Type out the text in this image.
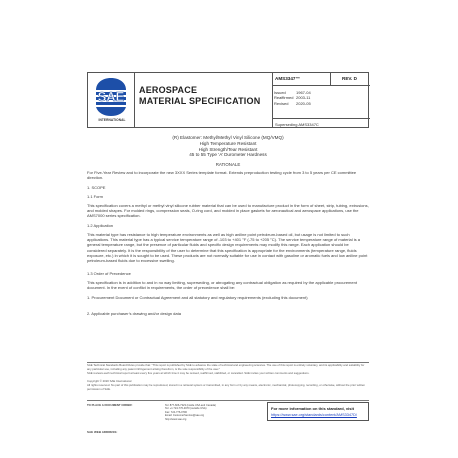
SAE
INTERNATIONAL
AEROSPACE
MATERIAL SPECIFICATION
AMS3347™	REV. D
Issued	1967-04
Reaffirmed 2003-11
Revised	2020-05
Superseding AMS3347C
(R) Elastomer: Methyl/Methyl Vinyl Silicone (MQ/VMQ)
High Temperature Resistant
High Strength/Tear Resistant
45 to 55 Type ‘A’ Durometer Hardness
RATIONALE
For Five-Year Review and to incorporate the new 3XXX Series template format. Extends preproduction testing cycle from 3 to 5 years per CE committee direction.
1. SCOPE
1.1 Form
This specification covers a methyl or methyl vinyl silicone rubber material that can be used to manufacture product in the form of sheet, strip, tubing, extrusions, and molded shapes. For molded rings, compression seals, O-ring cord, and molded in place gaskets for aeronautical and aerospace applications, use the AMS7000 series specification.
1.2 Application
This material type has resistance to high temperature environments as well as high aniline point petroleum-based oil, but usage is not limited to such applications. This material type has a typical service temperature range of -103 to +401 °F (-75 to +205 °C). The service temperature range of material is a general temperature range, but the presence of particular fluids and specific design requirements may modify this range. Each application should be considered separately. It is the responsibility of the user to determine that this specification is appropriate for the environments (temperature range, fluids exposure, etc.) in which it is sought to be used. These products are not normally suitable for use in contact with gasoline or aromatic fuels and low aniline point petroleum-based fluids due to excessive swelling.
1.3 Order of Precedence
This specification is in addition to and in no way limiting, superseding, or abrogating any contractual obligation as required by the applicable procurement document. In the event of conflict in requirements, the order of precedence shall be:
1. Procurement Document or Contractual Agreement and all statutory and regulatory requirements (excluding this document)
2. Applicable purchaser’s drawing and/or design data
SAE Technical Standards Board Rules provide that: "This report is published by SAE to advance the state of technical and engineering sciences. The use of this report is entirely voluntary, and its applicability and suitability for any particular use, including any patent infringement arising therefrom, is the sole responsibility of the user."
SAE reviews each technical report at least every five years at which time it may be revised, reaffirmed, stabilized, or cancelled. SAE invites your written comments and suggestions.
Copyright © 2020 SAE International
All rights reserved. No part of this publication may be reproduced, stored in a retrieval system or transmitted, in any form or by any means, electronic, mechanical, photocopying, recording, or otherwise, without the prior written permission of SAE.
TO PLACE A DOCUMENT ORDER:	Tel: 877-606-7323 (inside USA and Canada)
Tel: +1 724-776-4970 (outside USA)
Fax: 724-776-0790
Email: CustomerService@sae.org
http://www.sae.org
For more information on this standard, visit
https://www.sae.org/standards/content/AMS3347D/
SAE WEB ADDRESS:
